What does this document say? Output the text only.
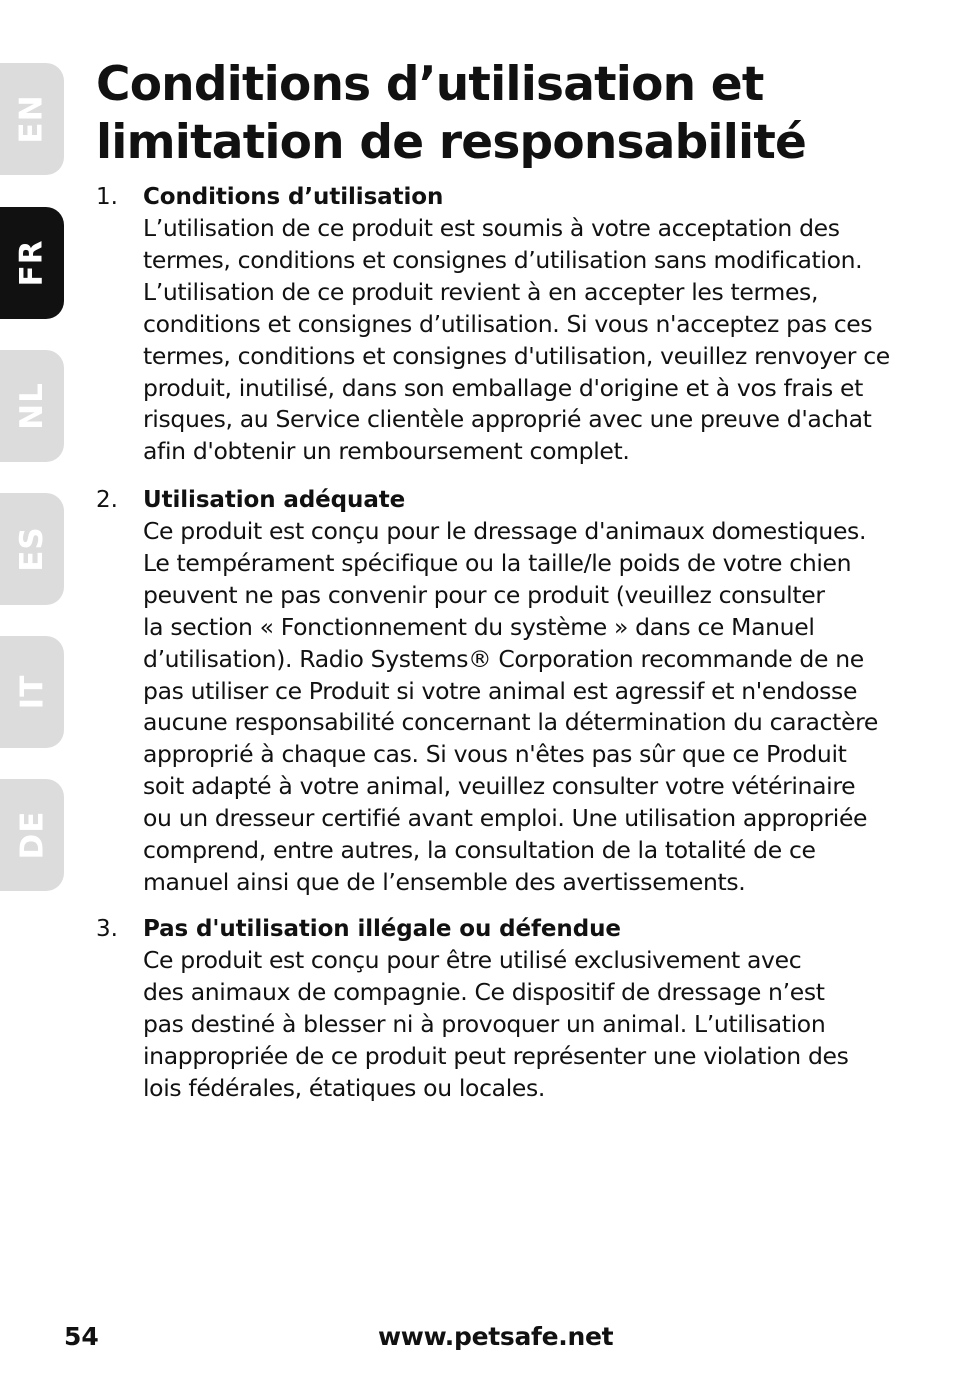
EN
FR
NL
ES
IT
DE
Conditions d’utilisation et limitation de responsabilité
1. Conditions d’utilisation
L’utilisation de ce produit est soumis à votre acceptation des
termes, conditions et consignes d’utilisation sans modification.
L’utilisation de ce produit revient à en accepter les termes,
conditions et consignes d’utilisation. Si vous n'acceptez pas ces
termes, conditions et consignes d'utilisation, veuillez renvoyer ce
produit, inutilisé, dans son emballage d'origine et à vos frais et
risques, au Service clientèle approprié avec une preuve d'achat
afin d'obtenir un remboursement complet.
2. Utilisation adéquate
Ce produit est conçu pour le dressage d'animaux domestiques.
Le tempérament spécifique ou la taille/le poids de votre chien
peuvent ne pas convenir pour ce produit (veuillez consulter
la section « Fonctionnement du système » dans ce Manuel
d’utilisation). Radio Systems® Corporation recommande de ne
pas utiliser ce Produit si votre animal est agressif et n'endosse
aucune responsabilité concernant la détermination du caractère
approprié à chaque cas. Si vous n'êtes pas sûr que ce Produit
soit adapté à votre animal, veuillez consulter votre vétérinaire
ou un dresseur certifié avant emploi. Une utilisation appropriée
comprend, entre autres, la consultation de la totalité de ce
manuel ainsi que de l’ensemble des avertissements.
3. Pas d'utilisation illégale ou défendue
Ce produit est conçu pour être utilisé exclusivement avec
des animaux de compagnie. Ce dispositif de dressage n’est
pas destiné à blesser ni à provoquer un animal. L’utilisation
inappropriée de ce produit peut représenter une violation des
lois fédérales, étatiques ou locales.
54	www.petsafe.net
